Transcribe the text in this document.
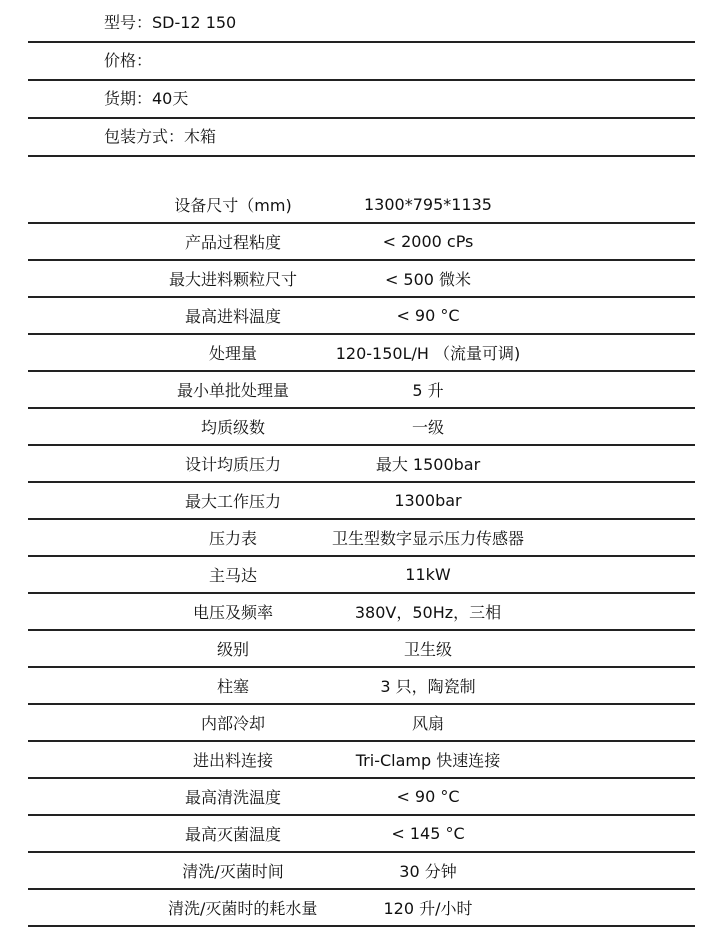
型号：SD-12 150
价格：
货期：40天
包装方式：木箱
设备尺寸（mm)	1300*795*1135
产品过程粘度	< 2000 cPs
最大进料颗粒尺寸	< 500 微米
最高进料温度	< 90 °C
处理量	120-150L/H （流量可调)
最小单批处理量	5 升
均质级数	一级
设计均质压力	最大 1500bar
最大工作压力	1300bar
压力表	卫生型数字显示压力传感器
主马达	11kW
电压及频率	380V，50Hz，三相
级别	卫生级
柱塞	3 只，陶瓷制
内部冷却	风扇
进出料连接	Tri-Clamp 快速连接
最高清洗温度	< 90 °C
最高灭菌温度	< 145 °C
清洗/灭菌时间	30 分钟
清洗/灭菌时的耗水量	120 升/小时
